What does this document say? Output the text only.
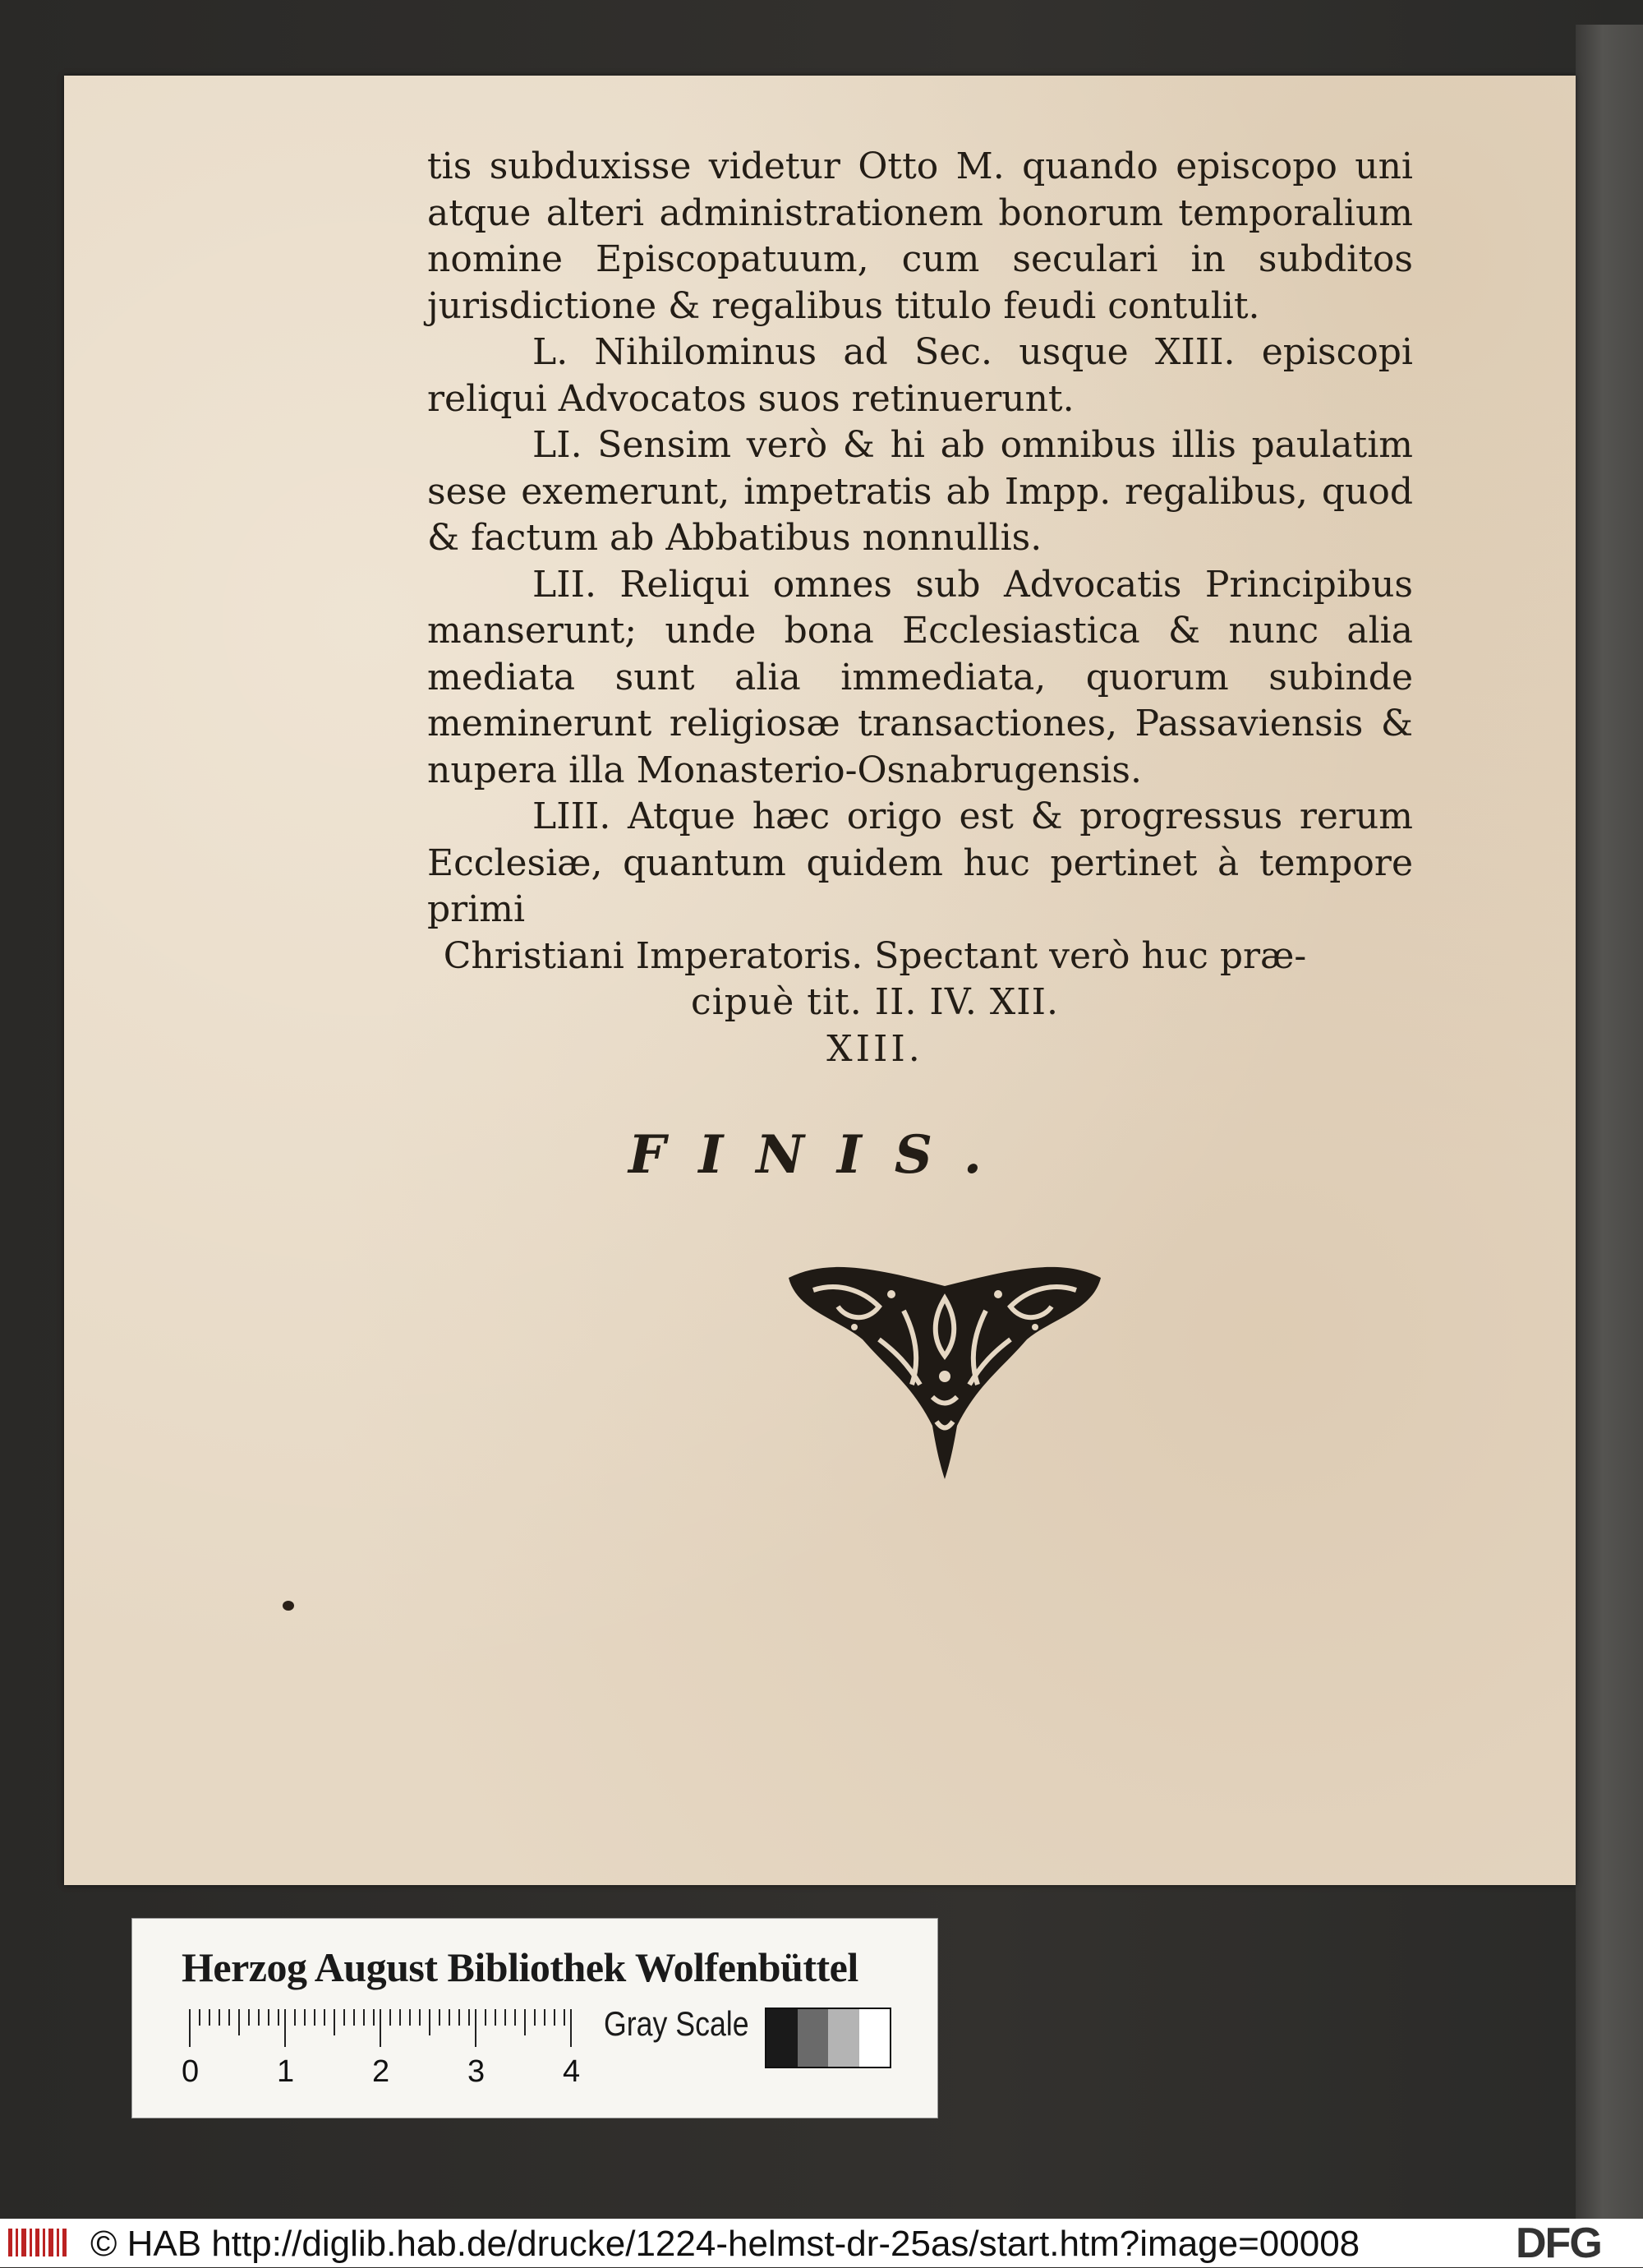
tis subduxisse videtur Otto M. quando episcopo uni atque alteri administrationem bonorum temporalium nomine Episcopatuum, cum seculari in subditos jurisdictione & regalibus titulo feudi contulit.

L. Nihilominus ad Sec. usque XIII. episcopi reliqui Advocatos suos retinuerunt.

LI. Sensim verò & hi ab omnibus illis paulatim sese exemerunt, impetratis ab Impp. regalibus, quod & factum ab Abbatibus nonnullis.

LII. Reliqui omnes sub Advocatis Principibus manserunt; unde bona Ecclesiastica & nunc alia mediata sunt alia immediata, quorum subinde meminerunt religiosæ transactiones, Passaviensis & nupera illa Monasterio-Osnabrugensis.

LIII. Atque hæc origo est & progressus rerum Ecclesiæ, quantum quidem huc pertinet à tempore primi

Christiani Imperatoris. Spectant verò huc præ-

cipuè tit. II. IV. XII.

XIII.

FINIS.
Herzog August Bibliothek Wolfenbüttel
0 1 2 3 4
Gray Scale
© HAB http://diglib.hab.de/drucke/1224-helmst-dr-25as/start.htm?image=00008	DFG
